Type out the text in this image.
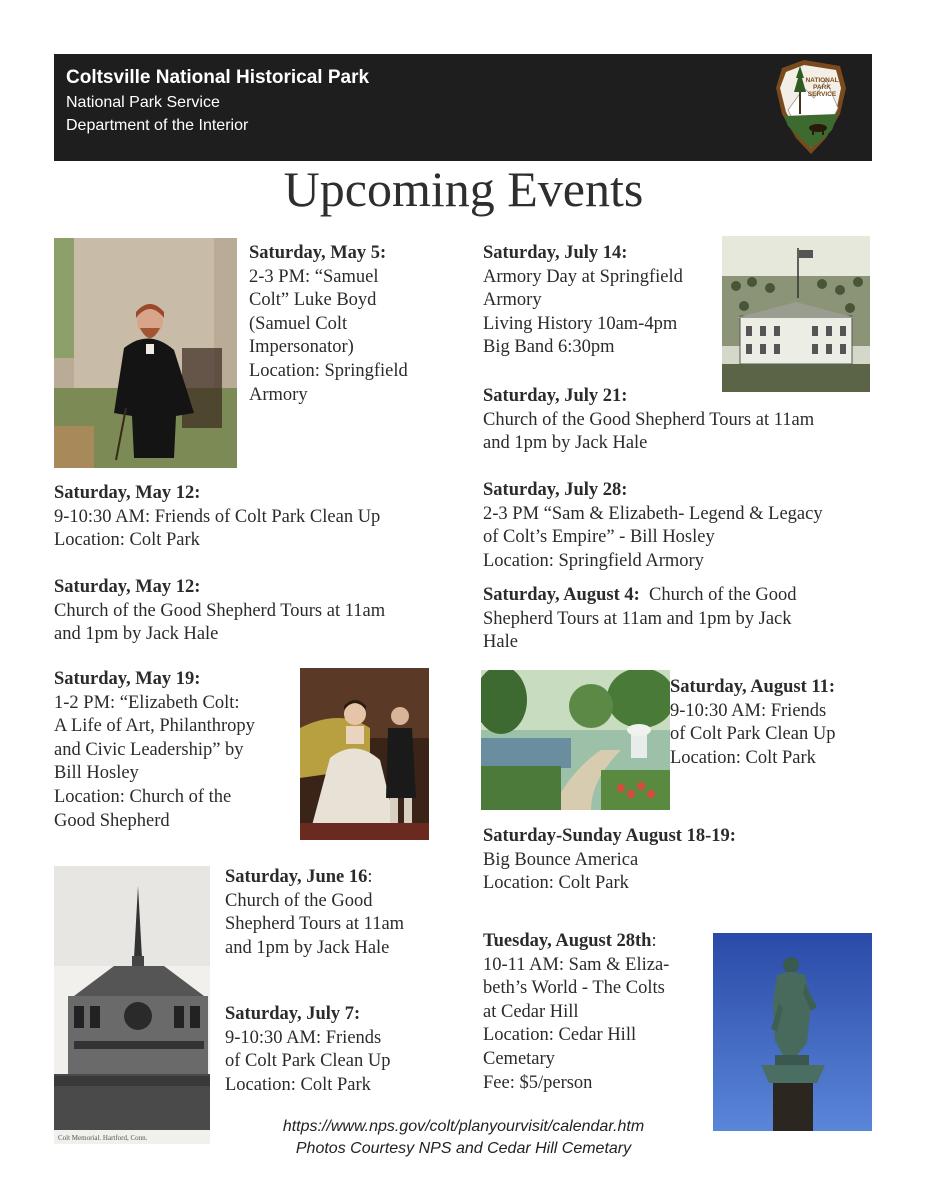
Coltsville National Historical Park
National Park Service
Department of the Interior
NATIONAL
PARK
SERVICE
Upcoming Events
Saturday, May 5:
2-3 PM: “Samuel
Colt” Luke Boyd
(Samuel Colt
Impersonator)
Location: Springfield
Armory
Saturday, May 12:
9-10:30 AM: Friends of Colt Park Clean Up
Location: Colt Park
Saturday, May 12:
Church of the Good Shepherd Tours at 11am
and 1pm by Jack Hale
Saturday, May 19:
1-2 PM: “Elizabeth Colt:
A Life of Art, Philanthropy
and Civic Leadership” by
Bill Hosley
Location: Church of the
Good Shepherd
Colt Memorial. Hartford, Conn.
Saturday, June 16:
Church of the Good
Shepherd Tours at 11am
and 1pm by Jack Hale
Saturday, July 7:
9-10:30 AM: Friends
of Colt Park Clean Up
Location: Colt Park
Saturday, July 14:
Armory Day at Springfield
Armory
Living History 10am-4pm
Big Band 6:30pm
Saturday, July 21:
Church of the Good Shepherd Tours at 11am
and 1pm by Jack Hale
Saturday, July 28:
2-3 PM “Sam & Elizabeth- Legend & Legacy
of Colt’s Empire” - Bill Hosley
Location: Springfield Armory
Saturday, August 4:  Church of the Good
Shepherd Tours at 11am and 1pm by Jack
Hale
Saturday, August 11:
9-10:30 AM: Friends
of Colt Park Clean Up
Location: Colt Park
Saturday-Sunday August 18-19:
Big Bounce America
Location: Colt Park
Tuesday, August 28th:
10-11 AM: Sam & Eliza-
beth’s World - The Colts
at Cedar Hill
Location: Cedar Hill
Cemetary
Fee: $5/person
https://www.nps.gov/colt/planyourvisit/calendar.htm
Photos Courtesy NPS and Cedar Hill Cemetary
